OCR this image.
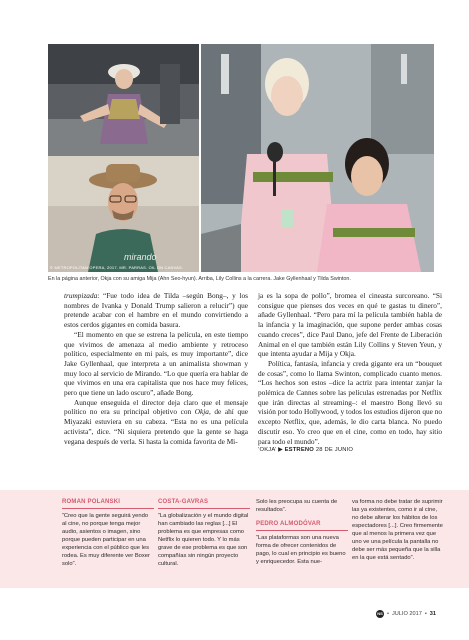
mirando
© METROPOLITAN OPERA, 2017. MR. PARRAS. OIL ON CANVAS.
En la página anterior, Okja con su amiga Mija (Ahn Seo-hyun). Arriba, Lily Collins a la carrera. Jake Gyllenhaal y Tilda Swinton.

trumpizada: “Fue todo idea de Tilda –según Bong–, y los nombres de Ivanka y Donald Trump salieron a relucir”) que pretende acabar con el hambre en el mundo convirtiendo a estos cerdos gigantes en comida basura.

“El momento en que se estrena la película, en este tiempo que vivimos de amenaza al medio ambiente y retroceso político, especialmente en mi país, es muy importante”, dice Jake Gyllenhaal, que interpreta a un animalista showman y muy loco al servicio de Mirando. “Lo que quería era hablar de que vivimos en una era capitalista que nos hace muy felices, pero que tiene un lado oscuro”, añade Bong.

Aunque enseguida el director deja claro que el mensaje político no era su principal objetivo con Okja, de ahí que Miyazaki estuviera en su cabeza. “Esta no es una película activista”, dice. “Ni siquiera pretendo que la gente se haga vegana después de verla. Si hasta la comida favorita de Mi-

ja es la sopa de pollo”, bromea el cineasta surcoreano. “Si consigue que pienses dos veces en qué te gastas tu dinero”, añade Gyllenhaal. “Pero para mí la película también habla de la infancia y la imaginación, que supone perder ambas cosas cuando creces”, dice Paul Dano, jefe del Frente de Liberación Animal en el que también están Lily Collins y Steven Yeun, y que intenta ayudar a Mija y Okja.

Política, fantasía, infancia y creda gigante era un “bouquet de cosas”, como lo llama Swinton, complicado cuanto menos. “Los hechos son estos –dice la actriz para intentar zanjar la polémica de Cannes sobre las películas estrenadas por Netflix que irán directas al streaming–: el maestro Bong llevó su visión por todo Hollywood, y todos los estudios dijeron que no excepto Netflix, que, además, le dio carta blanca. No puedo discutir eso. Yo creo que en el cine, como en todo, hay sitio para todo el mundo”.

‘OKJA’ ▶ ESTRENO 28 DE JUNIO

ROMAN POLANSKI
“Creo que la gente seguirá yendo al cine, no porque tenga mejor audio, asientos o imagen, sino porque pueden participar en una experiencia con el público que les rodea. Es muy diferente ver Boxer solo”.
COSTA-GAVRAS
“La globalización y el mundo digital han cambiado las reglas [...] El problema es que empresas como Netflix lo quieren todo. Y lo más grave de ese problema es que son compañías sin ningún proyecto cultural.
Solo les preocupa su cuenta de resultados”.
PEDRO ALMODÓVAR
“Las plataformas son una nueva forma de ofrecer contenidos de pago, lo cual en principio es bueno y enriquecedor. Esta nue-
va forma no debe tratar de suprimir las ya existentes, como ir al cine, no debe alterar los hábitos de los espectadores [...]. Creo firmemente que al menos la primera vez que uno ve una película la pantalla no debe ser más pequeña que la silla en la que está sentado”.
NS • JULIO 2017 • 31
